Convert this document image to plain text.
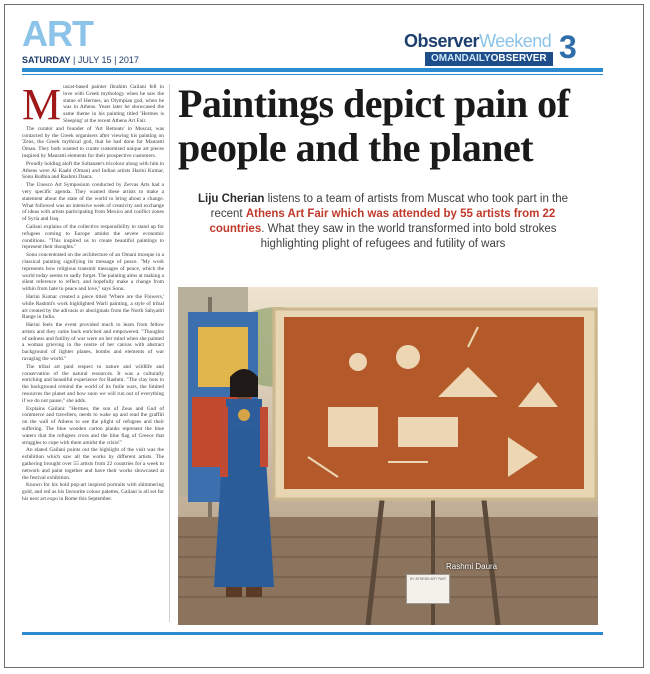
ART
SATURDAY | JULY 15 | 2017
ObserverWeekend
OMANDAILYOBSERVER 3
M uscat-based painter Ibrahim Gailani fell in love with Greek mythology when he saw the statue of Hermes, an Olympian god, when he was in Athens. Years later he showcased the same theme in his painting titled 'Hermes is Sleeping' at the recent Athens Art Fair.

The curator and founder of 'Art Retreats' in Muscat, was contacted by the Greek organisers after viewing his painting on 'Zeus, the Greek mythical god, that he had done for Mauratti Oman. They both wanted to curate customised unique art pieces inspired by Mauratti elements for their prospective customers.

Proudly holding aloft the Sultanate's tricolour along with him in Athens were Al Kaabi (Oman) and Indian artists Harini Kumar, Sonu Budhia and Rashmi Daura.

The Unesco Art Symposium conducted by Zervas Arts had a very specific agenda. They wanted these artists to make a statement about the state of the world to bring about a change. What followed was an intensive week of creativity and exchange of ideas with artists participating from Mexico and conflict zones of Syria and Iraq.

Gailani explains of the collective responsibility to stand up for refugees coming to Europe amidst the severe economic conditions. "This inspired us to create beautiful paintings to represent their thoughts."

Sonu concentrated on the architecture of an Omani mosque in a classical painting signifying its message of peace. "My work represents how religious transmit messages of peace, which the world today seems to sadly forget. The painting aims at making a silent reference to reflect, and hopefully make a change from within from hate to peace and love," says Sonu.

Harini Kumar created a piece titled 'Where are the Flowers,' while Rashmi's work highlighted Warli painting, a style of tribal art created by the adivasis or aboriginals from the North Sahyadri Range in India.

Harini feels the event provided much to learn from fellow artists and they came back enriched and empowered. "Thoughts of sadness and futility of war were on her mind when she painted a woman grieving in the centre of her canvas with abstract background of lighter planes, bombs and elements of war ravaging the world."

The tribal art paid respect to nature and wildlife and conservation of the natural resources. It was a culturally enriching and beautiful experience for Rashmi. "The clay huts in the background remind the world of its futile wars, the limited resources the planet and how soon we will run out of everything if we do not pause," she adds.

Explains Gailani: "Hermes, the son of Zeus and God of commerce and travellers, needs to wake up and read the graffiti on the wall of Athens to see the plight of refugees and their suffering. The blue wooden carton planks represent the blue waters that the refugees cross and the blue flag of Greece that struggles to cope with them amidst the crisis!"

An elated Gailani points out the highlight of the visit was the exhibition which saw all the works by different artists. The gathering brought over 55 artists from 22 countries for a week to network and paint together and have their works showcased at the festival exhibition.

Known for his bold pop-art inspired portraits with shimmering gold, and red as his favourite colour palettes, Gailani is all set for his next art expo in Rome this September.

Paintings depict pain of people and the planet

Liju Cherian listens to a team of artists from Muscat who took part in the recent Athens Art Fair which was attended by 55 artists from 22 countries. What they saw in the world transformed into bold strokes highlighting plight of refugees and futility of wars

BY ATHENS ART FAIR
Rashmi Daura
